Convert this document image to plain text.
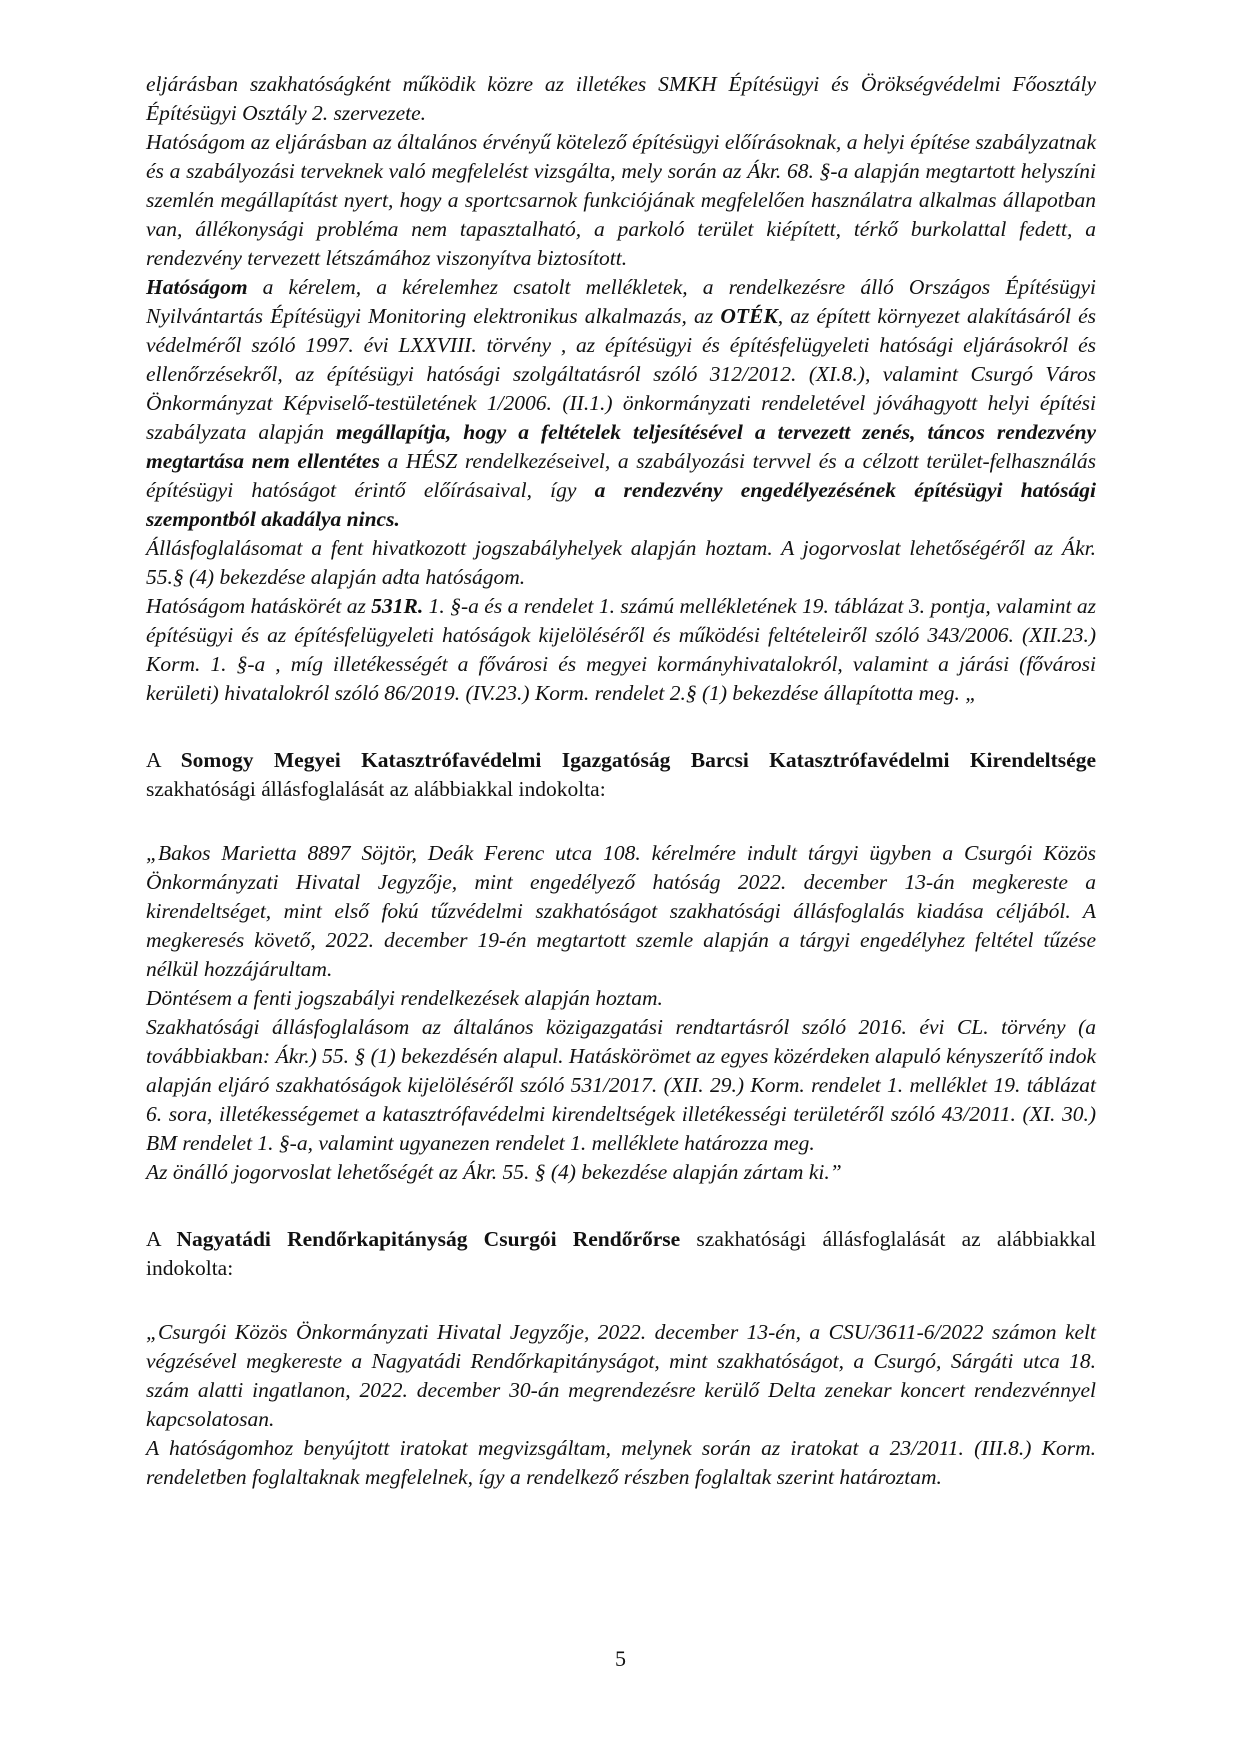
eljárásban szakhatóságként működik közre az illetékes SMKH Építésügyi és Örökségvédelmi Főosztály Építésügyi Osztály 2. szervezete.

Hatóságom az eljárásban az általános érvényű kötelező építésügyi előírásoknak, a helyi építése szabályzatnak és a szabályozási terveknek való megfelelést vizsgálta, mely során az Ákr. 68. §-a alapján megtartott helyszíni szemlén megállapítást nyert, hogy a sportcsarnok funkciójának megfelelően használatra alkalmas állapotban van, állékonysági probléma nem tapasztalható, a parkoló terület kiépített, térkő burkolattal fedett, a rendezvény tervezett létszámához viszonyítva biztosított.

Hatóságom a kérelem, a kérelemhez csatolt mellékletek, a rendelkezésre álló Országos Építésügyi Nyilvántartás Építésügyi Monitoring elektronikus alkalmazás, az OTÉK, az épített környezet alakításáról és védelméről szóló 1997. évi LXXVIII. törvény , az építésügyi és építésfelügyeleti hatósági eljárásokról és ellenőrzésekről, az építésügyi hatósági szolgáltatásról szóló 312/2012. (XI.8.), valamint Csurgó Város Önkormányzat Képviselő-testületének 1/2006. (II.1.) önkormányzati rendeletével jóváhagyott helyi építési szabályzata alapján megállapítja, hogy a feltételek teljesítésével a tervezett zenés, táncos rendezvény megtartása nem ellentétes a HÉSZ rendelkezéseivel, a szabályozási tervvel és a célzott terület-felhasználás építésügyi hatóságot érintő előírásaival, így a rendezvény engedélyezésének építésügyi hatósági szempontból akadálya nincs.

Állásfoglalásomat a fent hivatkozott jogszabályhelyek alapján hoztam. A jogorvoslat lehetőségéről az Ákr. 55.§ (4) bekezdése alapján adta hatóságom.

Hatóságom hatáskörét az 531R. 1. §-a és a rendelet 1. számú mellékletének 19. táblázat 3. pontja, valamint az építésügyi és az építésfelügyeleti hatóságok kijelöléséről és működési feltételeiről szóló 343/2006. (XII.23.) Korm. 1. §-a , míg illetékességét a fővárosi és megyei kormányhivatalokról, valamint a járási (fővárosi kerületi) hivatalokról szóló 86/2019. (IV.23.) Korm. rendelet 2.§ (1) bekezdése állapította meg. „

A Somogy Megyei Katasztrófavédelmi Igazgatóság Barcsi Katasztrófavédelmi Kirendeltsége szakhatósági állásfoglalását az alábbiakkal indokolta:

„Bakos Marietta 8897 Söjtör, Deák Ferenc utca 108. kérelmére indult tárgyi ügyben a Csurgói Közös Önkormányzati Hivatal Jegyzője, mint engedélyező hatóság 2022. december 13-án megkereste a kirendeltséget, mint első fokú tűzvédelmi szakhatóságot szakhatósági állásfoglalás kiadása céljából. A megkeresés követő, 2022. december 19-én megtartott szemle alapján a tárgyi engedélyhez feltétel tűzése nélkül hozzájárultam.

Döntésem a fenti jogszabályi rendelkezések alapján hoztam.

Szakhatósági állásfoglalásom az általános közigazgatási rendtartásról szóló 2016. évi CL. törvény (a továbbiakban: Ákr.) 55. § (1) bekezdésén alapul. Hatáskörömet az egyes közérdeken alapuló kényszerítő indok alapján eljáró szakhatóságok kijelöléséről szóló 531/2017. (XII. 29.) Korm. rendelet 1. melléklet 19. táblázat 6. sora, illetékességemet a katasztrófavédelmi kirendeltségek illetékességi területéről szóló 43/2011. (XI. 30.) BM rendelet 1. §-a, valamint ugyanezen rendelet 1. melléklete határozza meg.

Az önálló jogorvoslat lehetőségét az Ákr. 55. § (4) bekezdése alapján zártam ki.”

A Nagyatádi Rendőrkapitányság Csurgói Rendőrőrse szakhatósági állásfoglalását az alábbiakkal indokolta:

„Csurgói Közös Önkormányzati Hivatal Jegyzője, 2022. december 13-én, a CSU/3611-6/2022 számon kelt végzésével megkereste a Nagyatádi Rendőrkapitányságot, mint szakhatóságot, a Csurgó, Sárgáti utca 18. szám alatti ingatlanon, 2022. december 30-án megrendezésre kerülő Delta zenekar koncert rendezvénnyel kapcsolatosan.

A hatóságomhoz benyújtott iratokat megvizsgáltam, melynek során az iratokat a 23/2011. (III.8.) Korm. rendeletben foglaltaknak megfelelnek, így a rendelkező részben foglaltak szerint határoztam.

5
